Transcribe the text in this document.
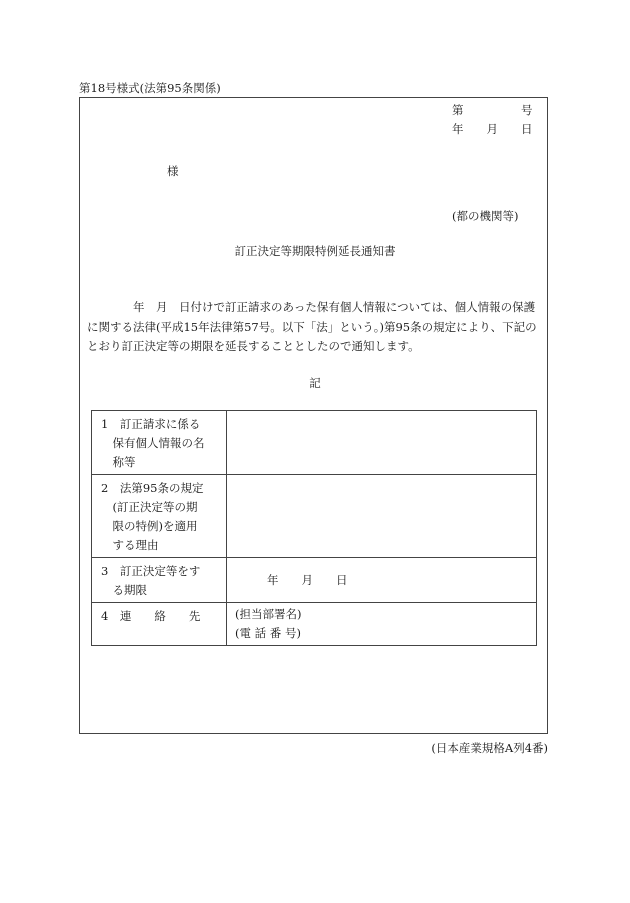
第18号様式(法第95条関係)
第　　　　　号
年　　月　　日
様
(都の機関等)
訂正決定等期限特例延長通知書
　　　　年　月　日付けで訂正請求のあった保有個人情報については、個人情報の保護
に関する法律(平成15年法律第57号。以下「法」という。)第95条の規定により、下記の
とおり訂正決定等の期限を延長することとしたので通知します。
記
1　訂正請求に係る
　保有個人情報の名
　称等	

2　法第95条の規定
　(訂正決定等の期
　限の特例)を適用
　する理由	

3　訂正決定等をす
　る期限	年　　月　　日

4　連　　絡　　先	(担当部署名)
(電 話 番 号)
(日本産業規格A列4番)
